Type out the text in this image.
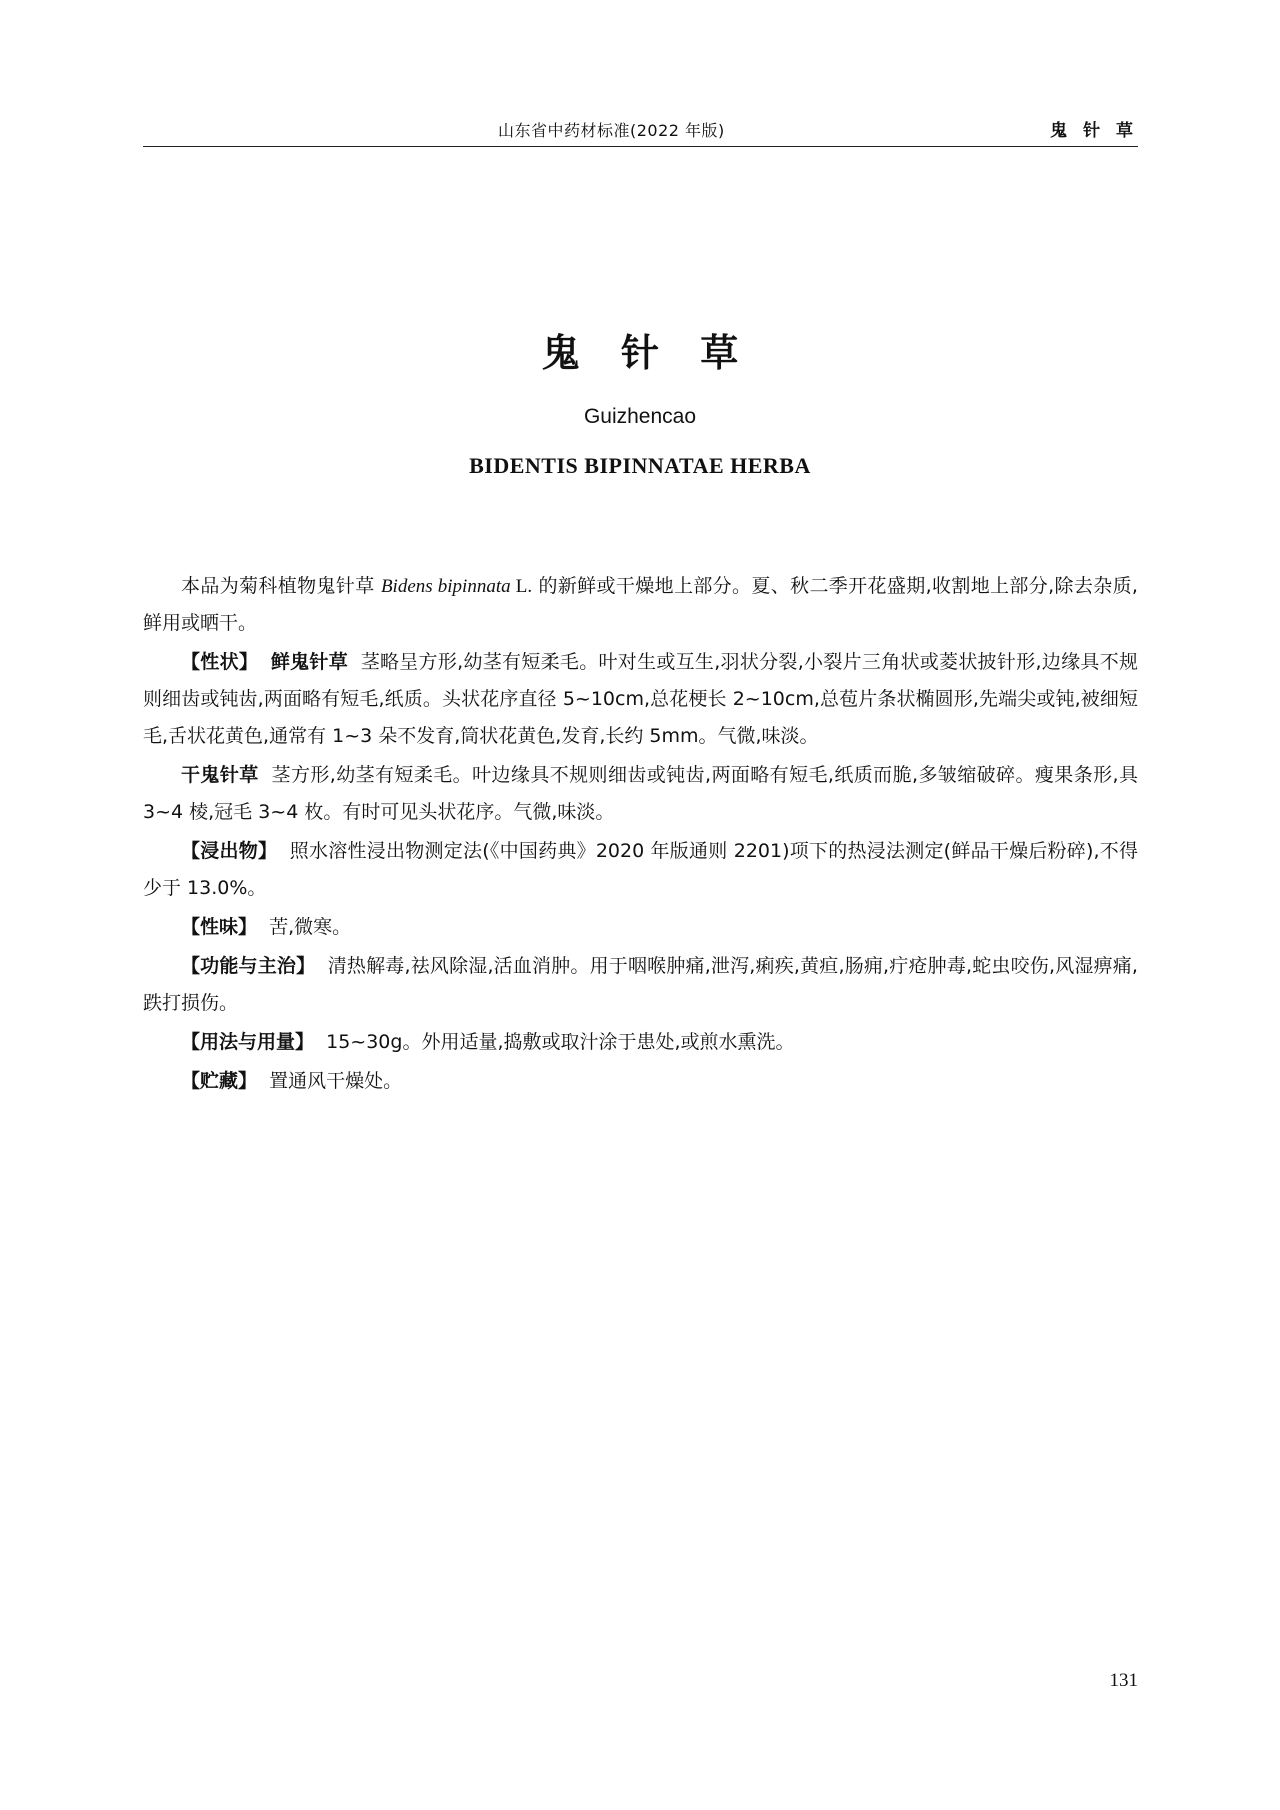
山东省中药材标准(2022 年版)	鬼 针 草
鬼 针 草
Guizhencao
BIDENTIS BIPINNATAE HERBA

本品为菊科植物鬼针草 Bidens bipinnata L. 的新鲜或干燥地上部分。夏、秋二季开花盛期,收割地上部分,除去杂质,鲜用或晒干。

【性状】 鲜鬼针草 茎略呈方形,幼茎有短柔毛。叶对生或互生,羽状分裂,小裂片三角状或菱状披针形,边缘具不规则细齿或钝齿,两面略有短毛,纸质。头状花序直径 5~10cm,总花梗长 2~10cm,总苞片条状椭圆形,先端尖或钝,被细短毛,舌状花黄色,通常有 1~3 朵不发育,筒状花黄色,发育,长约 5mm。气微,味淡。

干鬼针草 茎方形,幼茎有短柔毛。叶边缘具不规则细齿或钝齿,两面略有短毛,纸质而脆,多皱缩破碎。瘦果条形,具 3~4 棱,冠毛 3~4 枚。有时可见头状花序。气微,味淡。

【浸出物】 照水溶性浸出物测定法(《中国药典》2020 年版通则 2201)项下的热浸法测定(鲜品干燥后粉碎),不得少于 13.0%。

【性味】 苦,微寒。

【功能与主治】 清热解毒,祛风除湿,活血消肿。用于咽喉肿痛,泄泻,痢疾,黄疸,肠痈,疔疮肿毒,蛇虫咬伤,风湿痹痛,跌打损伤。

【用法与用量】 15~30g。外用适量,捣敷或取汁涂于患处,或煎水熏洗。

【贮藏】 置通风干燥处。

131
